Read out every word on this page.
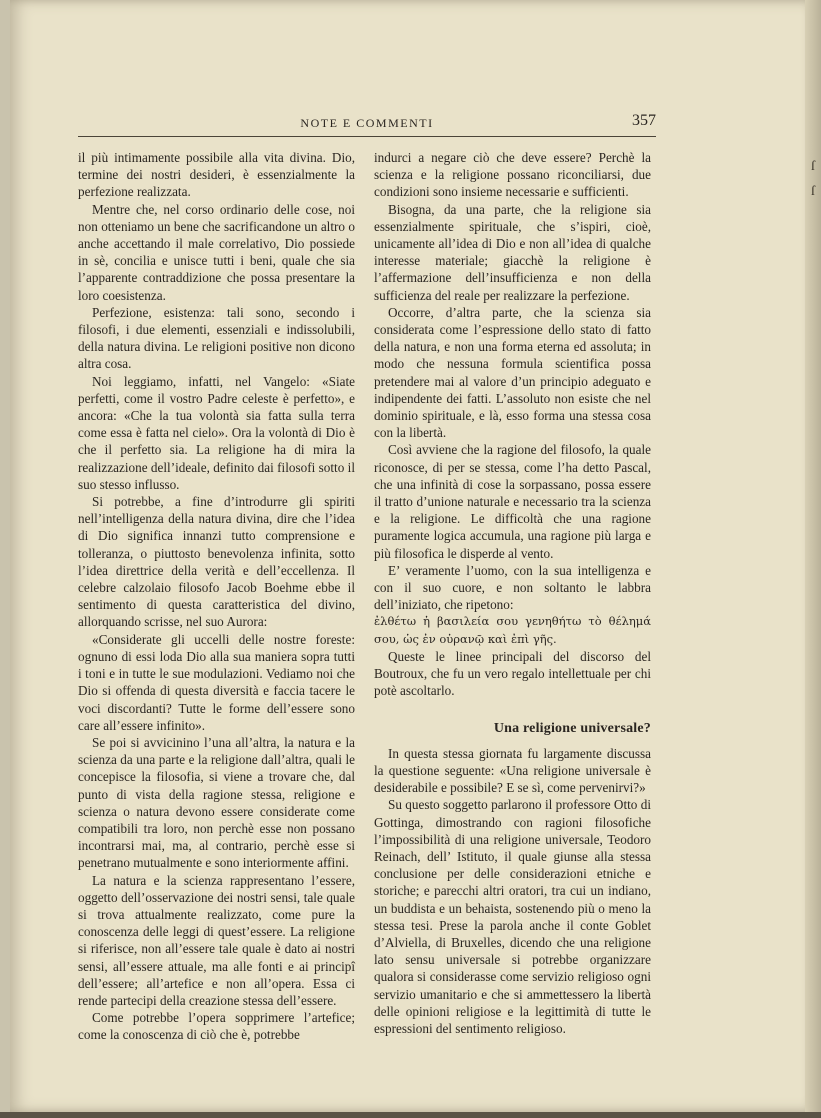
ſ
ſ
NOTE E COMMENTI	357

il più intimamente possibile alla vita divina. Dio, termine dei nostri desideri, è essenzialmente la perfezione realizzata.

Mentre che, nel corso ordinario delle cose, noi non otteniamo un bene che sacrificandone un altro o anche accettando il male correlativo, Dio possiede in sè, concilia e unisce tutti i beni, quale che sia l’apparente contraddizione che possa presentare la loro coesistenza.

Perfezione, esistenza: tali sono, secondo i filosofi, i due elementi, essenziali e indissolubili, della natura divina. Le religioni positive non dicono altra cosa.

Noi leggiamo, infatti, nel Vangelo: «Siate perfetti, come il vostro Padre celeste è perfetto», e ancora: «Che la tua volontà sia fatta sulla terra come essa è fatta nel cielo». Ora la volontà di Dio è che il perfetto sia. La religione ha di mira la realizzazione dell’ideale, definito dai filosofi sotto il suo stesso influsso.

Si potrebbe, a fine d’introdurre gli spiriti nell’intelligenza della natura divina, dire che l’idea di Dio significa innanzi tutto comprensione e tolleranza, o piuttosto benevolenza infinita, sotto l’idea direttrice della verità e dell’eccellenza. Il celebre calzolaio filosofo Jacob Boehme ebbe il sentimento di questa caratteristica del divino, allorquando scrisse, nel suo Aurora:

«Considerate gli uccelli delle nostre foreste: ognuno di essi loda Dio alla sua maniera sopra tutti i toni e in tutte le sue modulazioni. Vediamo noi che Dio si offenda di questa diversità e faccia tacere le voci discordanti? Tutte le forme dell’essere sono care all’essere infinito».

Se poi si avvicinino l’una all’altra, la natura e la scienza da una parte e la religione dall’altra, quali le concepisce la filosofia, si viene a trovare che, dal punto di vista della ragione stessa, religione e scienza o natura devono essere considerate come compatibili tra loro, non perchè esse non possano incontrarsi mai, ma, al contrario, perchè esse si penetrano mutualmente e sono interiormente affini.

La natura e la scienza rappresentano l’essere, oggetto dell’osservazione dei nostri sensi, tale quale si trova attualmente realizzato, come pure la conoscenza delle leggi di quest’essere. La religione si riferisce, non all’essere tale quale è dato ai nostri sensi, all’essere attuale, ma alle fonti e ai principî dell’essere; all’artefice e non all’opera. Essa ci rende partecipi della creazione stessa dell’essere.

Come potrebbe l’opera sopprimere l’artefice; come la conoscenza di ciò che è, potrebbe

indurci a negare ciò che deve essere? Perchè la scienza e la religione possano riconciliarsi, due condizioni sono insieme necessarie e sufficienti.

Bisogna, da una parte, che la religione sia essenzialmente spirituale, che s’ispiri, cioè, unicamente all’idea di Dio e non all’idea di qualche interesse materiale; giacchè la religione è l’affermazione dell’insufficienza e non della sufficienza del reale per realizzare la perfezione.

Occorre, d’altra parte, che la scienza sia considerata come l’espressione dello stato di fatto della natura, e non una forma eterna ed assoluta; in modo che nessuna formula scientifica possa pretendere mai al valore d’un principio adeguato e indipendente dei fatti. L’assoluto non esiste che nel dominio spirituale, e là, esso forma una stessa cosa con la libertà.

Così avviene che la ragione del filosofo, la quale riconosce, di per se stessa, come l’ha detto Pascal, che una infinità di cose la sorpassano, possa essere il tratto d’unione naturale e necessario tra la scienza e la religione. Le difficoltà che una ragione puramente logica accumula, una ragione più larga e più filosofica le disperde al vento.

E’ veramente l’uomo, con la sua intelligenza e con il suo cuore, e non soltanto le labbra dell’iniziato, che ripetono:

ἐλθέτω ἡ βασιλεία σου γενηθήτω τὸ θέλημά σου, ὡς ἐν οὐρανῷ καὶ ἐπὶ γῆς.

Queste le linee principali del discorso del Boutroux, che fu un vero regalo intellettuale per chi potè ascoltarlo.

Una religione universale?

In questa stessa giornata fu largamente discussa la questione seguente: «Una religione universale è desiderabile e possibile? E se sì, come pervenirvi?»

Su questo soggetto parlarono il professore Otto di Gottinga, dimostrando con ragioni filosofiche l’impossibilità di una religione universale, Teodoro Reinach, dell’ Istituto, il quale giunse alla stessa conclusione per delle considerazioni etniche e storiche; e parecchi altri oratori, tra cui un indiano, un buddista e un behaista, sostenendo più o meno la stessa tesi. Prese la parola anche il conte Goblet d’Alviella, di Bruxelles, dicendo che una religione lato sensu universale si potrebbe organizzare qualora si considerasse come servizio religioso ogni servizio umanitario e che si ammettessero la libertà delle opinioni religiose e la legittimità di tutte le espressioni del sentimento religioso.
